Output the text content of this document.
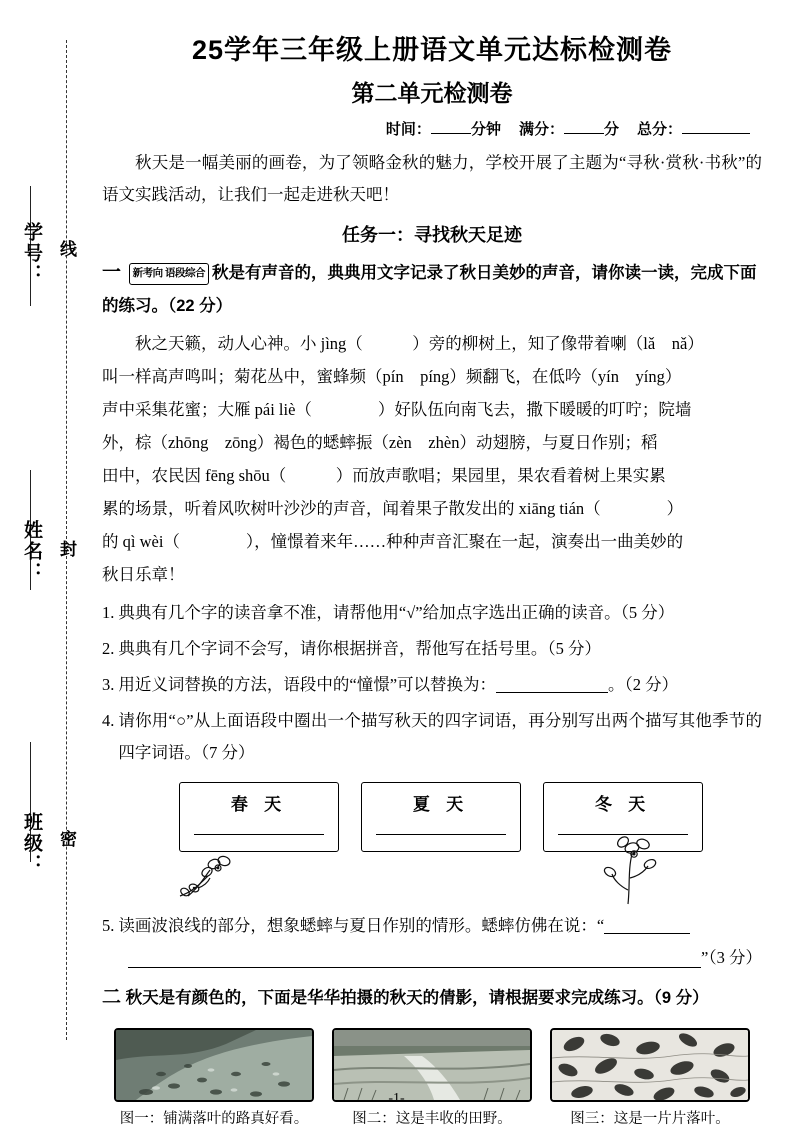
学号：
姓名：
班级：
线
封
密
25学年三年级上册语文单元达标检测卷
第二单元检测卷
时间：	分钟 满分：	分 总分：
秋天是一幅美丽的画卷，为了领略金秋的魅力，学校开展了主题为“寻秋·赏秋·书秋”的语文实践活动，让我们一起走进秋天吧！
任务一：寻找秋天足迹
一 新考向 语段综合 秋是有声音的，典典用文字记录了秋日美妙的声音，请你读一读，完成下面的练习。（22 分）
秋之天籁，动人心神。小 jìng（　　　）旁的柳树上，知了像带着喇（lǎ　nǎ）
叫一样高声鸣叫；菊花丛中，蜜蜂频（pín　píng）频翻飞，在低吟（yín　yíng）
声中采集花蜜；大雁 pái liè（　　　　）好队伍向南飞去，撒下暖暖的叮咛；院墙
外，棕（zhōng　zōng）褐色的蟋蟀振（zèn　zhèn）动翅膀，与夏日作别；稻
田中，农民因 fēng shōu（　　　）而放声歌唱；果园里，果农看着树上果实累
累的场景，听着风吹树叶沙沙的声音，闻着果子散发出的 xiāng tián（　　　　）
的 qì wèi（　　　　），憧憬着来年……种种声音汇聚在一起，演奏出一曲美妙的
秋日乐章！
1. 典典有几个字的读音拿不准，请帮他用“√”给加点字选出正确的读音。（5 分）
2. 典典有几个字词不会写，请你根据拼音，帮他写在括号里。（5 分）
3. 用近义词替换的方法，语段中的“憧憬”可以替换为：	。（2 分）
4. 请你用“○”从上面语段中圈出一个描写秋天的四字词语，再分别写出两个描写其他季节的四字词语。（7 分）
春 天	夏 天	冬 天
5. 读画波浪线的部分，想象蟋蟀与夏日作别的情形。蟋蟀仿佛在说：“
”（3 分）
二 秋天是有颜色的，下面是华华拍摄的秋天的倩影，请根据要求完成练习。（9 分）
图一：铺满落叶的路真好看。	图二：这是丰收的田野。	图三：这是一片片落叶。
-1-
